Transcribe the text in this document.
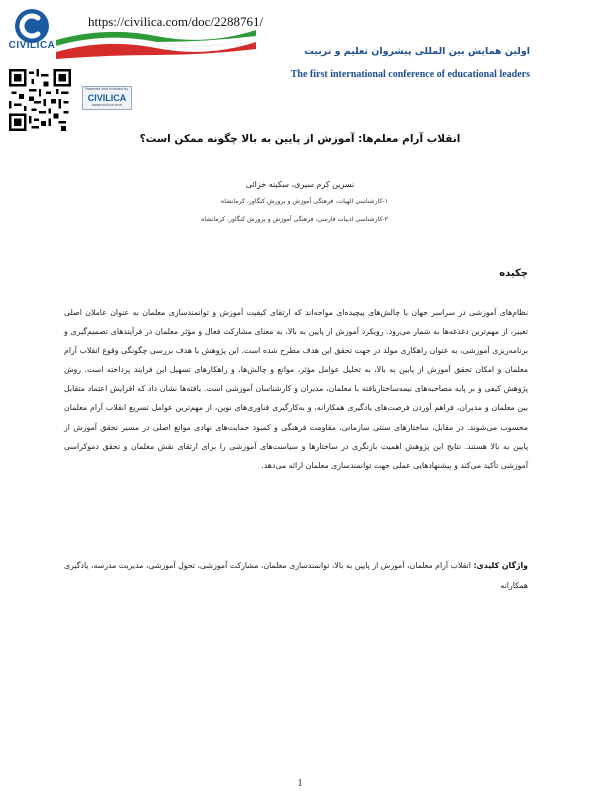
CIVILICA
https://civilica.com/doc/2288761/
اولین همایش بین المللی پیشروان تعلیم و تربیت
The first international conference of educational leaders
Powered and indexed by
CIVILICA
www.civilica.com
انقلاب آرام معلم‌ها: آموزش از پایین به بالا چگونه ممکن است؟
نسرین کرم سیری، سکینه خزائی
۱-کارشناسی الهیات، فرهنگی آموزش و پرورش کنگاور، کرمانشاه
۲-کارشناسی ادبیات فارسی، فرهنگی آموزش و پرورش کنگاور، کرمانشاه
چکیده
نظام‌های آموزشی در سراسر جهان با چالش‌های پیچیده‌ای مواجه‌اند که ارتقای کیفیت آموزش و توانمندسازی معلمان به عنوان عاملان اصلی تغییر، از مهم‌ترین دغدغه‌ها به شمار می‌رود. رویکرد آموزش از پایین به بالا، به معنای مشارکت فعال و مؤثر معلمان در فرآیندهای تصمیم‌گیری و برنامه‌ریزی آموزشی، به عنوان راهکاری مولد در جهت تحقق این هدف مطرح شده است. این پژوهش با هدف بررسی چگونگی وقوع انقلاب آرام معلمان و امکان تحقق آموزش از پایین به بالا، به تحلیل عوامل مؤثر، موانع و چالش‌ها، و راهکارهای تسهیل این فرایند پرداخته است. روش پژوهش کیفی و بر پایه مصاحبه‌های نیمه‌ساختاریافته با معلمان، مدیران و کارشناسان آموزشی است. یافته‌ها نشان داد که افزایش اعتماد متقابل بین معلمان و مدیران، فراهم آوردن فرصت‌های یادگیری همکارانه، و به‌کارگیری فناوری‌های نوین، از مهم‌ترین عوامل تسریع انقلاب آرام معلمان محسوب می‌شوند. در مقابل، ساختارهای سنتی سازمانی، مقاومت فرهنگی و کمبود حمایت‌های نهادی موانع اصلی در مسیر تحقق آموزش از پایین به بالا هستند. نتایج این پژوهش اهمیت بازنگری در ساختارها و سیاست‌های آموزشی را برای ارتقای نقش معلمان و تحقق دموکراسی آموزشی تأکید می‌کند و پیشنهادهایی عملی جهت توانمندسازی معلمان ارائه می‌دهد.
واژگان کلیدی: انقلاب آرام معلمان، آموزش از پایین به بالا، توانمندسازی معلمان، مشارکت آموزشی، تحول آموزشی، مدیریت مدرسه، یادگیری همکارانه
1
